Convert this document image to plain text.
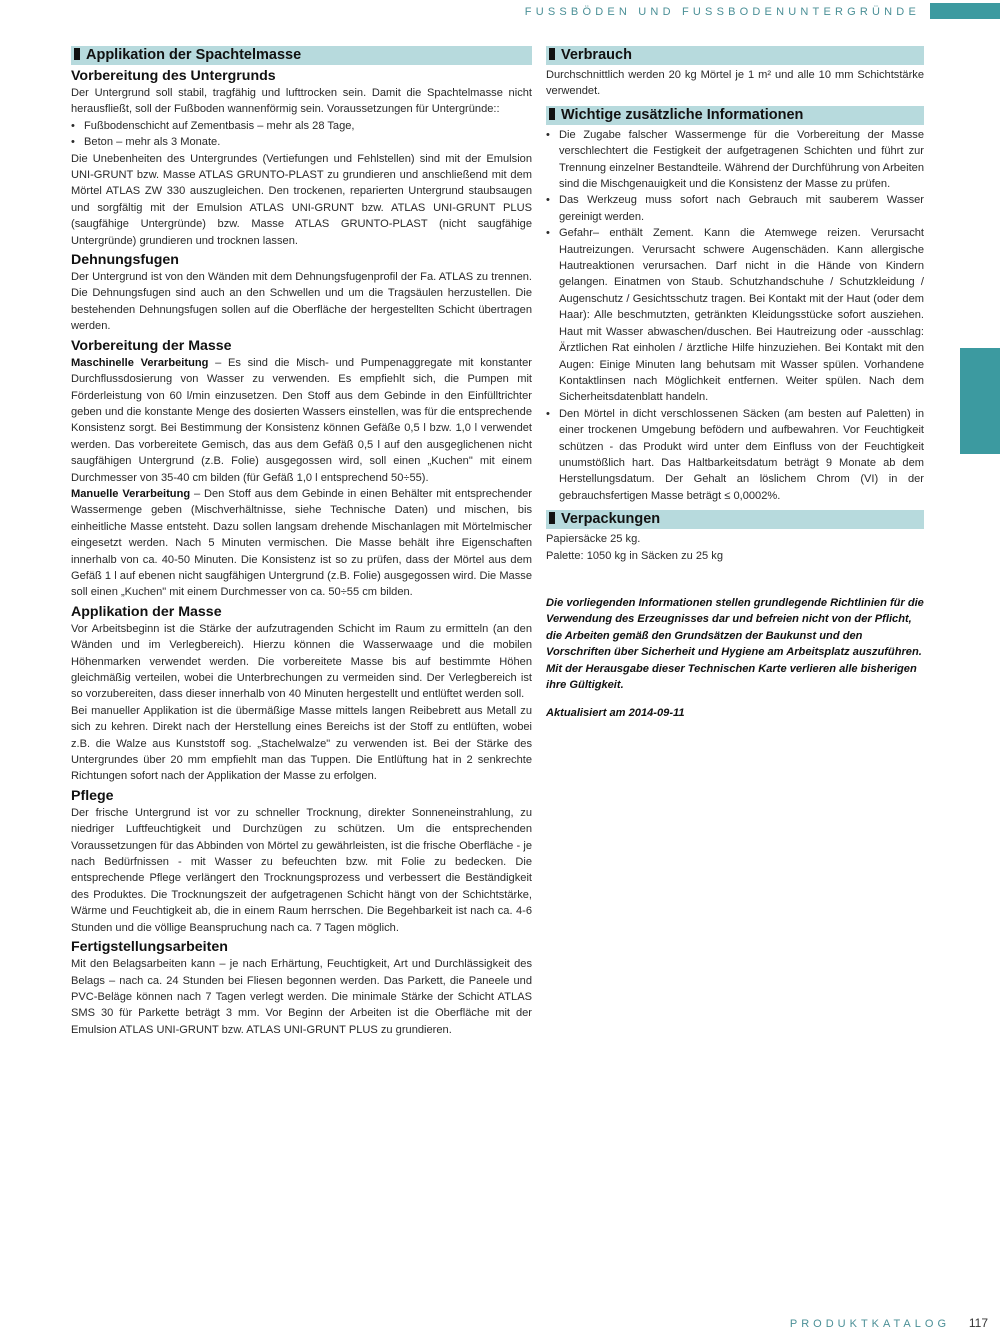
FUSSBÖDEN UND FUSSBODENUNTERGRÜNDE
Applikation der Spachtelmasse
Vorbereitung des Untergrunds

Der Untergrund soll stabil, tragfähig und lufttrocken sein. Damit die Spachtelmasse nicht herausfließt, soll der Fußboden wannenförmig sein. Voraussetzungen für Untergründe::

• Fußbodenschicht auf Zementbasis – mehr als 28 Tage,
• Beton – mehr als 3 Monate.

Die Unebenheiten des Untergrundes (Vertiefungen und Fehlstellen) sind mit der Emulsion UNI-GRUNT bzw. Masse ATLAS GRUNTO-PLAST zu grundieren und anschließend mit dem Mörtel ATLAS ZW 330 auszugleichen. Den trockenen, reparierten Untergrund staubsaugen und sorgfältig mit der Emulsion ATLAS UNI-GRUNT bzw. ATLAS UNI-GRUNT PLUS (saugfähige Untergründe) bzw. Masse ATLAS GRUNTO-PLAST (nicht saugfähige Untergründe) grundieren und trocknen lassen.

Dehnungsfugen

Der Untergrund ist von den Wänden mit dem Dehnungsfugenprofil der Fa. ATLAS zu trennen. Die Dehnungsfugen sind auch an den Schwellen und um die Tragsäulen herzustellen. Die bestehenden Dehnungsfugen sollen auf die Oberfläche der hergestellten Schicht übertragen werden.

Vorbereitung der Masse

Maschinelle Verarbeitung – Es sind die Misch- und Pumpenaggregate mit konstanter Durchflussdosierung von Wasser zu verwenden. Es empfiehlt sich, die Pumpen mit Förderleistung von 60 l/min einzusetzen. Den Stoff aus dem Gebinde in den Einfülltrichter geben und die konstante Menge des dosierten Wassers einstellen, was für die entsprechende Konsistenz sorgt. Bei Bestimmung der Konsistenz können Gefäße 0,5 l bzw. 1,0 l verwendet werden. Das vorbereitete Gemisch, das aus dem Gefäß 0,5 l auf den ausgeglichenen nicht saugfähigen Untergrund (z.B. Folie) ausgegossen wird, soll einen „Kuchen" mit einem Durchmesser von 35-40 cm bilden (für Gefäß 1,0 l entsprechend 50÷55).

Manuelle Verarbeitung – Den Stoff aus dem Gebinde in einen Behälter mit entsprechender Wassermenge geben (Mischverhältnisse, siehe Technische Daten) und mischen, bis einheitliche Masse entsteht. Dazu sollen langsam drehende Mischanlagen mit Mörtelmischer eingesetzt werden. Nach 5 Minuten vermischen. Die Masse behält ihre Eigenschaften innerhalb von ca. 40-50 Minuten. Die Konsistenz ist so zu prüfen, dass der Mörtel aus dem Gefäß 1 l auf ebenen nicht saugfähigen Untergrund (z.B. Folie) ausgegossen wird. Die Masse soll einen „Kuchen" mit einem Durchmesser von ca. 50÷55 cm bilden.

Applikation der Masse

Vor Arbeitsbeginn ist die Stärke der aufzutragenden Schicht im Raum zu ermitteln (an den Wänden und im Verlegbereich). Hierzu können die Wasserwaage und die mobilen Höhenmarken verwendet werden. Die vorbereitete Masse bis auf bestimmte Höhen gleichmäßig verteilen, wobei die Unterbrechungen zu vermeiden sind. Der Verlegbereich ist so vorzubereiten, dass dieser innerhalb von 40 Minuten hergestellt und entlüftet werden soll.

Bei manueller Applikation ist die übermäßige Masse mittels langen Reibebrett aus Metall zu sich zu kehren. Direkt nach der Herstellung eines Bereichs ist der Stoff zu entlüften, wobei z.B. die Walze aus Kunststoff sog. „Stachelwalze" zu verwenden ist. Bei der Stärke des Untergrundes über 20 mm empfiehlt man das Tuppen. Die Entlüftung hat in 2 senkrechte Richtungen sofort nach der Applikation der Masse zu erfolgen.

Pflege

Der frische Untergrund ist vor zu schneller Trocknung, direkter Sonneneinstrahlung, zu niedriger Luftfeuchtigkeit und Durchzügen zu schützen. Um die entsprechenden Voraussetzungen für das Abbinden von Mörtel zu gewährleisten, ist die frische Oberfläche - je nach Bedürfnissen - mit Wasser zu befeuchten bzw. mit Folie zu bedecken. Die entsprechende Pflege verlängert den Trocknungsprozess und verbessert die Beständigkeit des Produktes. Die Trocknungszeit der aufgetragenen Schicht hängt von der Schichtstärke, Wärme und Feuchtigkeit ab, die in einem Raum herrschen. Die Begehbarkeit ist nach ca. 4-6 Stunden und die völlige Beanspruchung nach ca. 7 Tagen möglich.

Fertigstellungsarbeiten

Mit den Belagsarbeiten kann – je nach Erhärtung, Feuchtigkeit, Art und Durchlässigkeit des Belags – nach ca. 24 Stunden bei Fliesen begonnen werden. Das Parkett, die Paneele und PVC-Beläge können nach 7 Tagen verlegt werden. Die minimale Stärke der Schicht ATLAS SMS 30 für Parkette beträgt 3 mm. Vor Beginn der Arbeiten ist die Oberfläche mit der Emulsion ATLAS UNI-GRUNT bzw. ATLAS UNI-GRUNT PLUS zu grundieren.

Verbrauch

Durchschnittlich werden 20 kg Mörtel je 1 m² und alle 10 mm Schichtstärke verwendet.

Wichtige zusätzliche Informationen
• Die Zugabe falscher Wassermenge für die Vorbereitung der Masse verschlechtert die Festigkeit der aufgetragenen Schichten und führt zur Trennung einzelner Bestandteile. Während der Durchführung von Arbeiten sind die Mischgenauigkeit und die Konsistenz der Masse zu prüfen.
• Das Werkzeug muss sofort nach Gebrauch mit sauberem Wasser gereinigt werden.
• Gefahr– enthält Zement. Kann die Atemwege reizen. Verursacht Hautreizungen. Verursacht schwere Augenschäden. Kann allergische Hautreaktionen verursachen. Darf nicht in die Hände von Kindern gelangen. Einatmen von Staub. Schutzhandschuhe / Schutzkleidung / Augenschutz / Gesichtsschutz tragen. Bei Kontakt mit der Haut (oder dem Haar): Alle beschmutzten, getränkten Kleidungsstücke sofort ausziehen. Haut mit Wasser abwaschen/duschen. Bei Hautreizung oder -ausschlag: Ärztlichen Rat einholen / ärztliche Hilfe hinzuziehen. Bei Kontakt mit den Augen: Einige Minuten lang behutsam mit Wasser spülen. Vorhandene Kontaktlinsen nach Möglichkeit entfernen. Weiter spülen. Nach dem Sicherheitsdatenblatt handeln.
• Den Mörtel in dicht verschlossenen Säcken (am besten auf Paletten) in einer trockenen Umgebung befödern und aufbewahren. Vor Feuchtigkeit schützen - das Produkt wird unter dem Einfluss von der Feuchtigkeit unumstößlich hart. Das Haltbarkeitsdatum beträgt 9 Monate ab dem Herstellungsdatum. Der Gehalt an löslichem Chrom (VI) in der gebrauchsfertigen Masse beträgt ≤ 0,0002%.
Verpackungen

Papiersäcke 25 kg.

Palette: 1050 kg in Säcken zu 25 kg

Die vorliegenden Informationen stellen grundlegende Richtlinien für die Verwendung des Erzeugnisses dar und befreien nicht von der Pflicht, die Arbeiten gemäß den Grundsätzen der Baukunst und den Vorschriften über Sicherheit und Hygiene am Arbeitsplatz auszuführen. Mit der Herausgabe dieser Technischen Karte verlieren alle bisherigen ihre Gültigkeit.

Aktualisiert am 2014-09-11

PRODUKTKATALOG 117
